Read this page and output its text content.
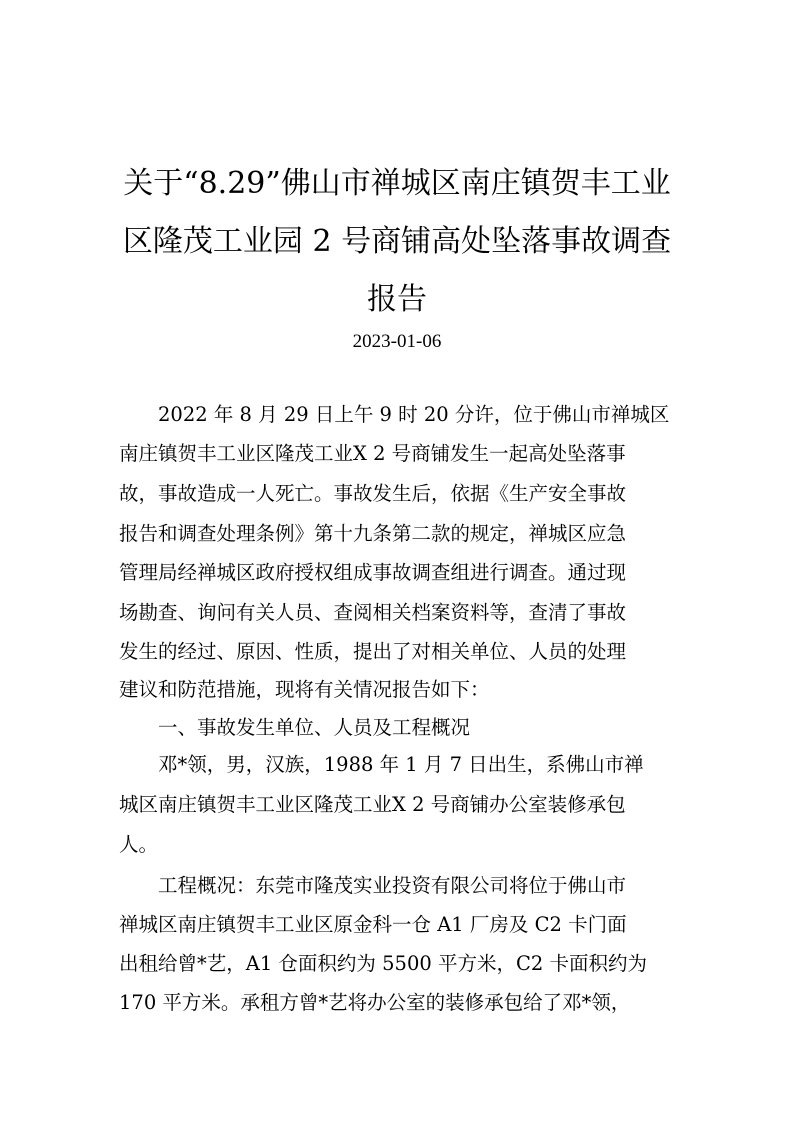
关于“8.29”佛山市禅城区南庄镇贺丰工业
区隆茂工业园 2 号商铺高处坠落事故调查
报告

2023-01-06

　　2022 年 8 月 29 日上午 9 时 20 分许，位于佛山市禅城区

南庄镇贺丰工业区隆茂工业Ⅹ 2 号商铺发生一起高处坠落事

故，事故造成一人死亡。事故发生后，依据《生产安全事故

报告和调查处理条例》第十九条第二款的规定，禅城区应急

管理局经禅城区政府授权组成事故调查组进行调查。通过现

场勘查、询问有关人员、查阅相关档案资料等，查清了事故

发生的经过、原因、性质，提出了对相关单位、人员的处理

建议和防范措施，现将有关情况报告如下：

　　一、事故发生单位、人员及工程概况

　　邓*领，男，汉族，1988 年 1 月 7 日出生，系佛山市禅

城区南庄镇贺丰工业区隆茂工业Ⅹ 2 号商铺办公室装修承包

人。

　　工程概况：东莞市隆茂实业投资有限公司将位于佛山市

禅城区南庄镇贺丰工业区原金科一仓 A1 厂房及 C2 卡门面

出租给曾*艺，A1 仓面积约为 5500 平方米，C2 卡面积约为

170 平方米。承租方曾*艺将办公室的装修承包给了邓*领，
